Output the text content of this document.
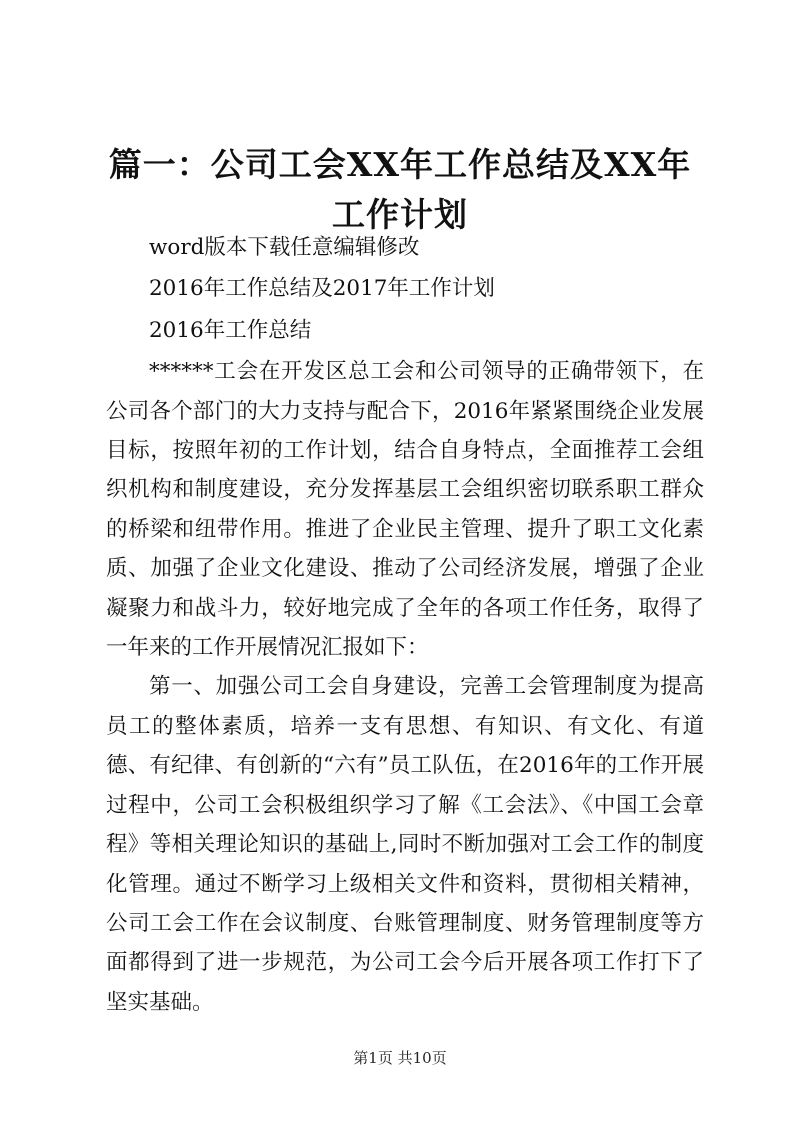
篇一：公司工会XX年工作总结及XX年工作计划

word版本下载任意编辑修改

2016年工作总结及2017年工作计划

2016年工作总结

******工会在开发区总工会和公司领导的正确带领下，在公司各个部门的大力支持与配合下，2016年紧紧围绕企业发展目标，按照年初的工作计划，结合自身特点，全面推荐工会组织机构和制度建设，充分发挥基层工会组织密切联系职工群众的桥梁和纽带作用。推进了企业民主管理、提升了职工文化素质、加强了企业文化建设、推动了公司经济发展，增强了企业凝聚力和战斗力，较好地完成了全年的各项工作任务，取得了一年来的工作开展情况汇报如下：

第一、加强公司工会自身建设，完善工会管理制度为提高员工的整体素质，培养一支有思想、有知识、有文化、有道德、有纪律、有创新的“六有”员工队伍，在2016年的工作开展过程中，公司工会积极组织学习了解《工会法》、《中国工会章程》等相关理论知识的基础上,同时不断加强对工会工作的制度化管理。通过不断学习上级相关文件和资料，贯彻相关精神，公司工会工作在会议制度、台账管理制度、财务管理制度等方面都得到了进一步规范，为公司工会今后开展各项工作打下了坚实基础。

第1页 共10页
